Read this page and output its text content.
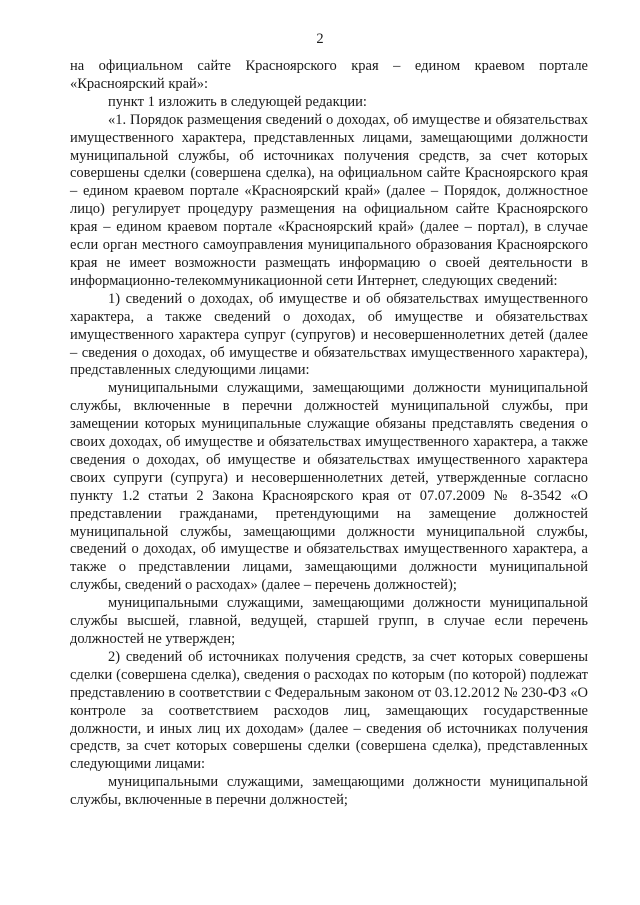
2

на официальном сайте Красноярского края – едином краевом портале «Красноярский край»:

пункт 1 изложить в следующей редакции:

«1. Порядок размещения сведений о доходах, об имуществе и обязательствах имущественного характера, представленных лицами, замещающими должности муниципальной службы, об источниках получения средств, за счет которых совершены сделки (совершена сделка), на официальном сайте Красноярского края – едином краевом портале «Красноярский край» (далее – Порядок, должностное лицо) регулирует процедуру размещения на официальном сайте Красноярского края – едином краевом портале «Красноярский край» (далее – портал), в случае если орган местного самоуправления муниципального образования Красноярского края не имеет возможности размещать информацию о своей деятельности в информационно-телекоммуникационной сети Интернет, следующих сведений:

1) сведений о доходах, об имуществе и об обязательствах имущественного характера, а также сведений о доходах, об имуществе и обязательствах имущественного характера супруг (супругов) и несовершеннолетних детей (далее – сведения о доходах, об имуществе и обязательствах имущественного характера), представленных следующими лицами:

муниципальными служащими, замещающими должности муниципальной службы, включенные в перечни должностей муниципальной службы, при замещении которых муниципальные служащие обязаны представлять сведения о своих доходах, об имуществе и обязательствах имущественного характера, а также сведения о доходах, об имуществе и обязательствах имущественного характера своих супруги (супруга) и несовершеннолетних детей, утвержденные согласно пункту 1.2 статьи 2 Закона Красноярского края от 07.07.2009 № 8-3542 «О представлении гражданами, претендующими на замещение должностей муниципальной службы, замещающими должности муниципальной службы, сведений о доходах, об имуществе и обязательствах имущественного характера, а также о представлении лицами, замещающими должности муниципальной службы, сведений о расходах» (далее – перечень должностей);

муниципальными служащими, замещающими должности муниципальной службы высшей, главной, ведущей, старшей групп, в случае если перечень должностей не утвержден;

2) сведений об источниках получения средств, за счет которых совершены сделки (совершена сделка), сведения о расходах по которым (по которой) подлежат представлению в соответствии с Федеральным законом от 03.12.2012 № 230-ФЗ «О контроле за соответствием расходов лиц, замещающих государственные должности, и иных лиц их доходам» (далее – сведения об источниках получения средств, за счет которых совершены сделки (совершена сделка), представленных следующими лицами:

муниципальными служащими, замещающими должности муниципальной службы, включенные в перечни должностей;
